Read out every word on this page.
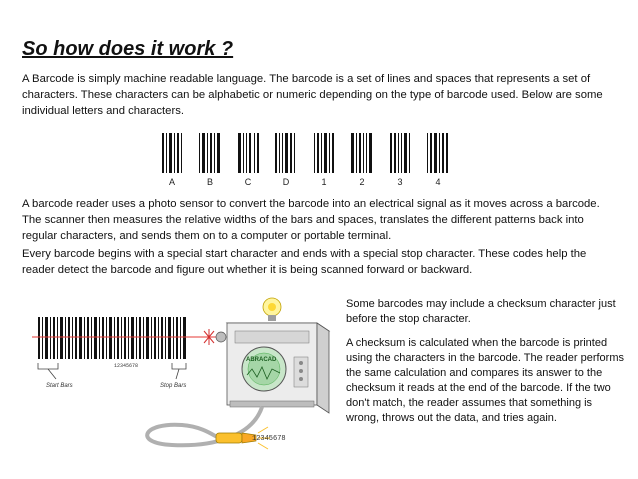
So how does it work ?

A Barcode is simply machine readable language. The barcode is a set of lines and spaces that represents a set of characters. These characters can be alphabetic or numeric depending on the type of barcode used. Below are some individual letters and characters.

A	B	C	D	1	2	3	4

A barcode reader uses a photo sensor to convert the barcode into an electrical signal as it moves across a barcode. The scanner then measures the relative widths of the bars and spaces, translates the different patterns back into regular characters, and sends them on to a computer or portable terminal.

Every barcode begins with a special start character and ends with a special stop character. These codes help the reader detect the barcode and figure out whether it is being scanned forward or backward.

12345678
Start Bars	Stop Bars
ABRACAD
12345678

Some barcodes may include a checksum character just before the stop character.

A checksum is calculated when the barcode is printed using the characters in the barcode. The reader performs the same calculation and compares its answer to the checksum it reads at the end of the barcode. If the two don't match, the reader assumes that something is wrong, throws out the data, and tries again.
